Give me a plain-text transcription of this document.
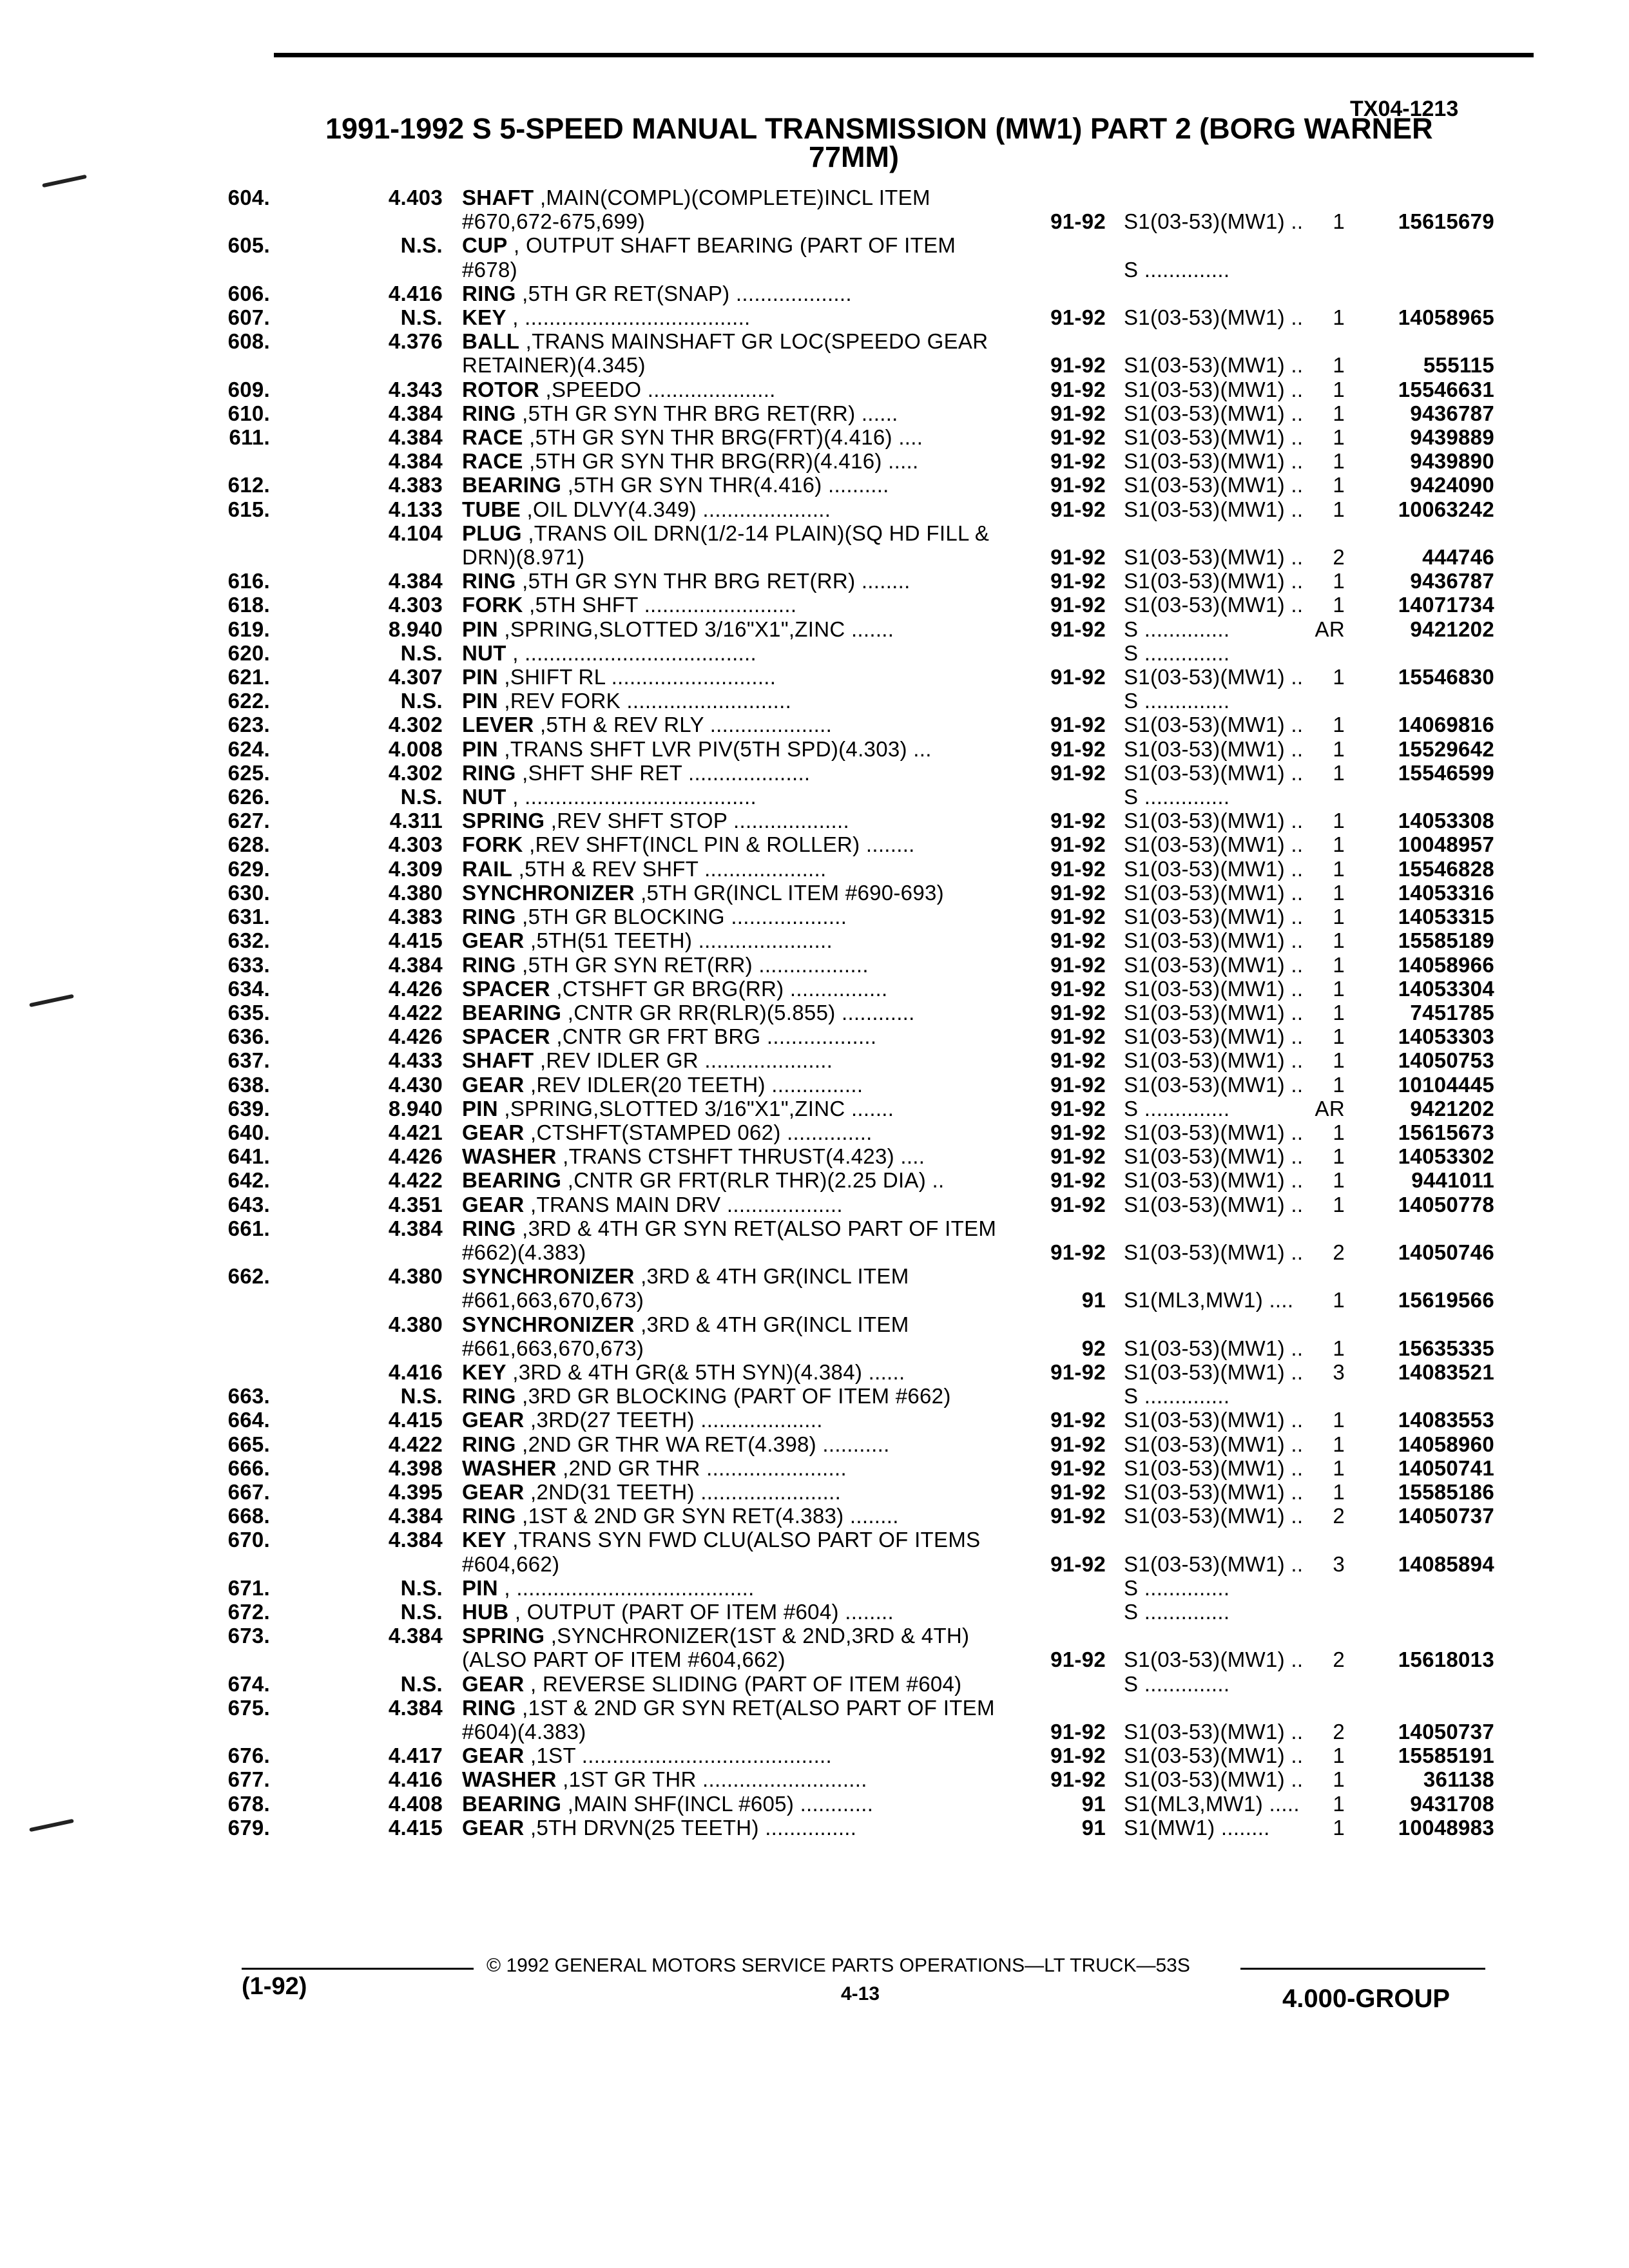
TX04-1213
1991-1992 S 5-SPEED MANUAL TRANSMISSION (MW1) PART 2 (BORG WARNER
77MM)
604.	4.403 SHAFT ,MAIN(COMPL)(COMPLETE)INCL ITEM #670,672-675,699)	91-92 S1(03-53)(MW1) ..	1	15615679
605.	N.S. CUP , OUTPUT SHAFT BEARING (PART OF ITEM #678)	S ..............
606.	4.416 RING ,5TH GR RET(SNAP) ...................
607.	N.S. KEY , .....................................	91-92 S1(03-53)(MW1) ..	1	14058965
608.	4.376 BALL ,TRANS MAINSHAFT GR LOC(SPEEDO GEAR RETAINER)(4.345)	91-92 S1(03-53)(MW1) ..	1	555115
609.	4.343 ROTOR ,SPEEDO .....................	91-92 S1(03-53)(MW1) ..	1	15546631
610.	4.384 RING ,5TH GR SYN THR BRG RET(RR) ......	91-92 S1(03-53)(MW1) ..	1	9436787
611.	4.384 RACE ,5TH GR SYN THR BRG(FRT)(4.416) ....	91-92 S1(03-53)(MW1) ..	1	9439889
4.384 RACE ,5TH GR SYN THR BRG(RR)(4.416) .....	91-92 S1(03-53)(MW1) ..	1	9439890
612.	4.383 BEARING ,5TH GR SYN THR(4.416) ..........	91-92 S1(03-53)(MW1) ..	1	9424090
615.	4.133 TUBE ,OIL DLVY(4.349) .....................	91-92 S1(03-53)(MW1) ..	1	10063242
4.104 PLUG ,TRANS OIL DRN(1/2-14 PLAIN)(SQ HD FILL & DRN)(8.971)	91-92 S1(03-53)(MW1) ..	2	444746
616.	4.384 RING ,5TH GR SYN THR BRG RET(RR) ........	91-92 S1(03-53)(MW1) ..	1	9436787
618.	4.303 FORK ,5TH SHFT .........................	91-92 S1(03-53)(MW1) ..	1	14071734
619.	8.940 PIN ,SPRING,SLOTTED 3/16"X1",ZINC .......	91-92 S ..............	AR	9421202
620.	N.S. NUT , ......................................	S ..............
621.	4.307 PIN ,SHIFT RL ...........................	91-92 S1(03-53)(MW1) ..	1	15546830
622.	N.S. PIN ,REV FORK ...........................	S ..............
623.	4.302 LEVER ,5TH & REV RLY ....................	91-92 S1(03-53)(MW1) ..	1	14069816
624.	4.008 PIN ,TRANS SHFT LVR PIV(5TH SPD)(4.303) ...	91-92 S1(03-53)(MW1) ..	1	15529642
625.	4.302 RING ,SHFT SHF RET ....................	91-92 S1(03-53)(MW1) ..	1	15546599
626.	N.S. NUT , ......................................	S ..............
627.	4.311 SPRING ,REV SHFT STOP ...................	91-92 S1(03-53)(MW1) ..	1	14053308
628.	4.303 FORK ,REV SHFT(INCL PIN & ROLLER) ........	91-92 S1(03-53)(MW1) ..	1	10048957
629.	4.309 RAIL ,5TH & REV SHFT ....................	91-92 S1(03-53)(MW1) ..	1	15546828
630.	4.380 SYNCHRONIZER ,5TH GR(INCL ITEM #690-693)	91-92 S1(03-53)(MW1) ..	1	14053316
631.	4.383 RING ,5TH GR BLOCKING ...................	91-92 S1(03-53)(MW1) ..	1	14053315
632.	4.415 GEAR ,5TH(51 TEETH) ......................	91-92 S1(03-53)(MW1) ..	1	15585189
633.	4.384 RING ,5TH GR SYN RET(RR) ..................	91-92 S1(03-53)(MW1) ..	1	14058966
634.	4.426 SPACER ,CTSHFT GR BRG(RR) ................	91-92 S1(03-53)(MW1) ..	1	14053304
635.	4.422 BEARING ,CNTR GR RR(RLR)(5.855) ............	91-92 S1(03-53)(MW1) ..	1	7451785
636.	4.426 SPACER ,CNTR GR FRT BRG ..................	91-92 S1(03-53)(MW1) ..	1	14053303
637.	4.433 SHAFT ,REV IDLER GR .....................	91-92 S1(03-53)(MW1) ..	1	14050753
638.	4.430 GEAR ,REV IDLER(20 TEETH) ...............	91-92 S1(03-53)(MW1) ..	1	10104445
639.	8.940 PIN ,SPRING,SLOTTED 3/16"X1",ZINC .......	91-92 S ..............	AR	9421202
640.	4.421 GEAR ,CTSHFT(STAMPED 062) ..............	91-92 S1(03-53)(MW1) ..	1	15615673
641.	4.426 WASHER ,TRANS CTSHFT THRUST(4.423) ....	91-92 S1(03-53)(MW1) ..	1	14053302
642.	4.422 BEARING ,CNTR GR FRT(RLR THR)(2.25 DIA) ..	91-92 S1(03-53)(MW1) ..	1	9441011
643.	4.351 GEAR ,TRANS MAIN DRV ...................	91-92 S1(03-53)(MW1) ..	1	14050778
661.	4.384 RING ,3RD & 4TH GR SYN RET(ALSO PART OF ITEM #662)(4.383)	91-92 S1(03-53)(MW1) ..	2	14050746
662.	4.380 SYNCHRONIZER ,3RD & 4TH GR(INCL ITEM #661,663,670,673)	91 S1(ML3,MW1) ....	1	15619566
4.380 SYNCHRONIZER ,3RD & 4TH GR(INCL ITEM #661,663,670,673)	92 S1(03-53)(MW1) ..	1	15635335
4.416 KEY ,3RD & 4TH GR(& 5TH SYN)(4.384) ......	91-92 S1(03-53)(MW1) ..	3	14083521
663.	N.S. RING ,3RD GR BLOCKING (PART OF ITEM #662)	S ..............
664.	4.415 GEAR ,3RD(27 TEETH) ....................	91-92 S1(03-53)(MW1) ..	1	14083553
665.	4.422 RING ,2ND GR THR WA RET(4.398) ...........	91-92 S1(03-53)(MW1) ..	1	14058960
666.	4.398 WASHER ,2ND GR THR .......................	91-92 S1(03-53)(MW1) ..	1	14050741
667.	4.395 GEAR ,2ND(31 TEETH) .......................	91-92 S1(03-53)(MW1) ..	1	15585186
668.	4.384 RING ,1ST & 2ND GR SYN RET(4.383) ........	91-92 S1(03-53)(MW1) ..	2	14050737
670.	4.384 KEY ,TRANS SYN FWD CLU(ALSO PART OF ITEMS #604,662)	91-92 S1(03-53)(MW1) ..	3	14085894
671.	N.S. PIN , .......................................	S ..............
672.	N.S. HUB , OUTPUT (PART OF ITEM #604) ........	S ..............
673.	4.384 SPRING ,SYNCHRONIZER(1ST & 2ND,3RD & 4TH)(ALSO PART OF ITEM #604,662)	91-92 S1(03-53)(MW1) ..	2	15618013
674.	N.S. GEAR , REVERSE SLIDING (PART OF ITEM #604)	S ..............
675.	4.384 RING ,1ST & 2ND GR SYN RET(ALSO PART OF ITEM #604)(4.383)	91-92 S1(03-53)(MW1) ..	2	14050737
676.	4.417 GEAR ,1ST .........................................	91-92 S1(03-53)(MW1) ..	1	15585191
677.	4.416 WASHER ,1ST GR THR ...........................	91-92 S1(03-53)(MW1) ..	1	361138
678.	4.408 BEARING ,MAIN SHF(INCL #605) ............	91 S1(ML3,MW1) .....	1	9431708
679.	4.415 GEAR ,5TH DRVN(25 TEETH) ...............	91 S1(MW1) ........	1	10048983
(1-92)
© 1992 GENERAL MOTORS SERVICE PARTS OPERATIONS—LT TRUCK—53S
4-13	4.000-GROUP
